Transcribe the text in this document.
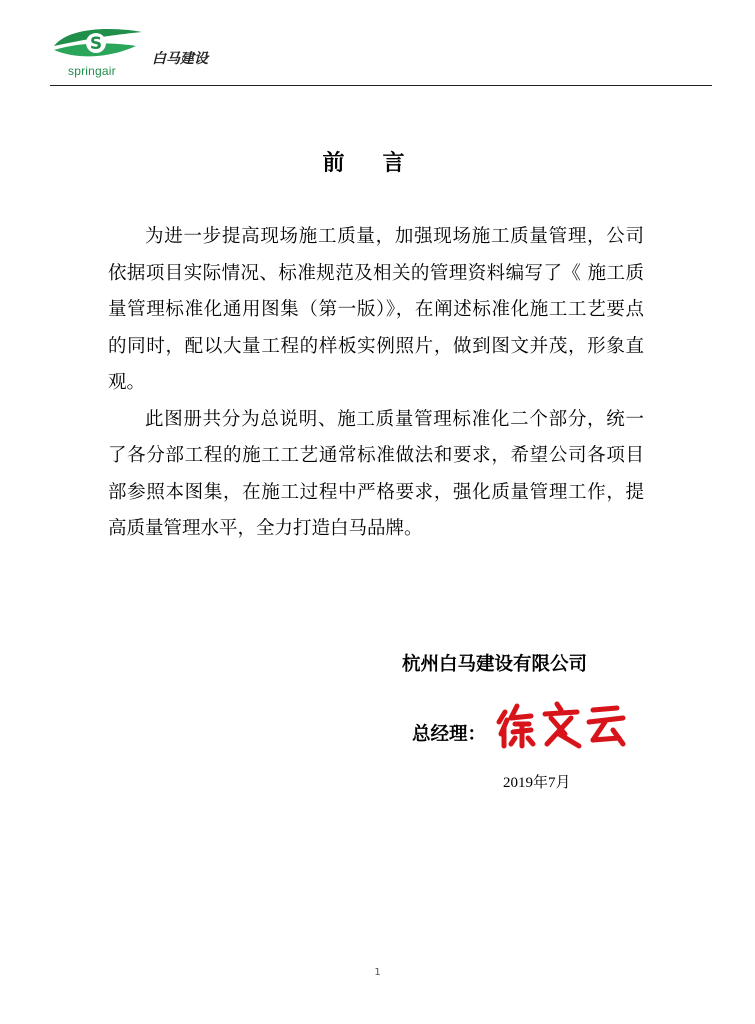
S
springair
白马建设
前言

为进一步提高现场施工质量，加强现场施工质量管理，公司依据项目实际情况、标准规范及相关的管理资料编写了《 施工质量管理标准化通用图集（第一版）》，在阐述标准化施工工艺要点的同时，配以大量工程的样板实例照片，做到图文并茂，形象直观。

此图册共分为总说明、施工质量管理标准化二个部分，统一了各分部工程的施工工艺通常标准做法和要求，希望公司各项目部参照本图集，在施工过程中严格要求，强化质量管理工作，提高质量管理水平，全力打造白马品牌。

杭州白马建设有限公司
总经理：
2019年7月
1
